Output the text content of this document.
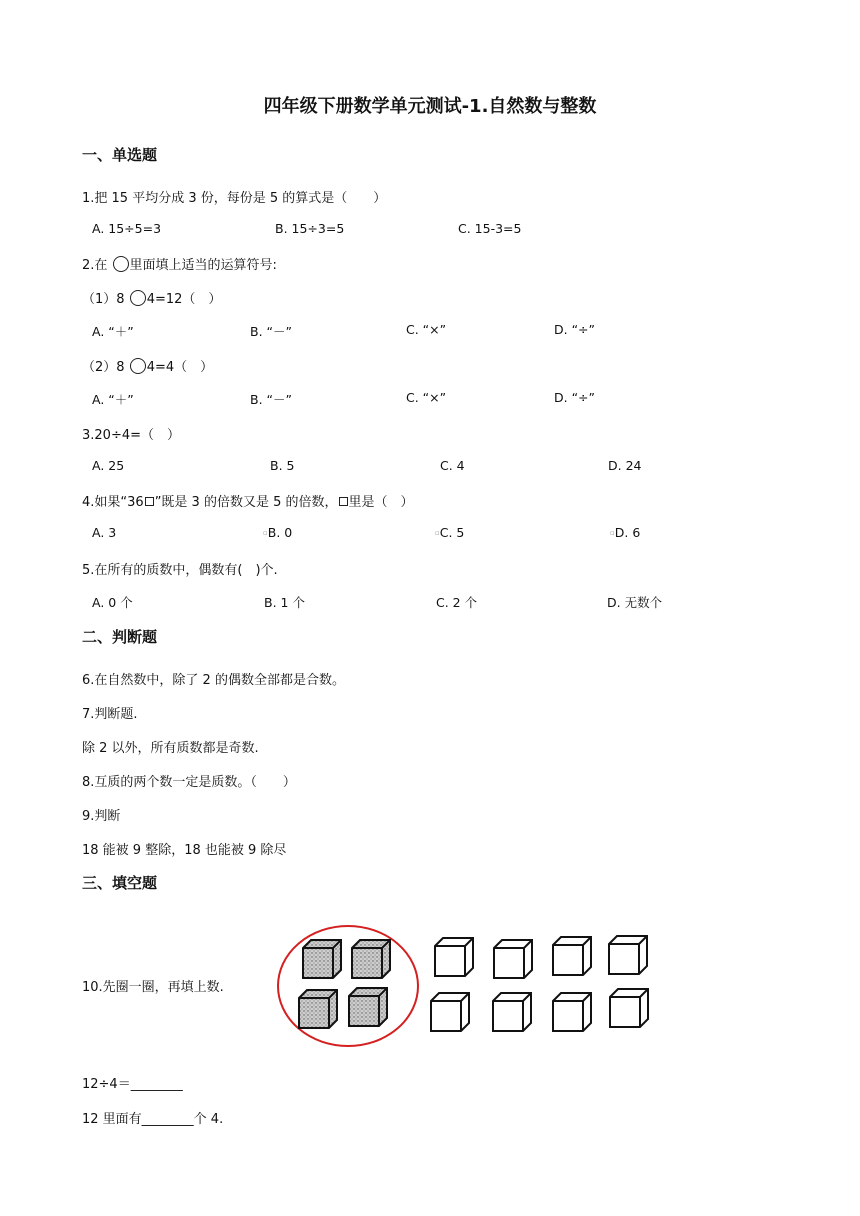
四年级下册数学单元测试-1.自然数与整数
一、单选题
1.把 15 平均分成 3 份，每份是 5 的算式是（　　）
A. 15÷5=3	B. 15÷3=5	C. 15-3=5
2.在 里面填上适当的运算符号:
（1）8 4=12（　）
A. “＋”	B. “－”	C. “×”	D. “÷”
（2）8 4=4（　）
A. “＋”	B. “－”	C. “×”	D. “÷”
3.20÷4=（　）
A. 25	B. 5	C. 4	D. 24
4.如果“36 ”既是 3 的倍数又是 5 的倍数， 里是（　）
A. 3	▫B. 0	▫C. 5	▫D. 6
5.在所有的质数中，偶数有(　)个.
A. 0 个	B. 1 个	C. 2 个	D. 无数个
二、判断题
6.在自然数中，除了 2 的偶数全部都是合数。
7.判断题.
除 2 以外，所有质数都是奇数.
8.互质的两个数一定是质数。（　　）
9.判断
18 能被 9 整除，18 也能被 9 除尽
三、填空题
10.先圈一圈，再填上数.
12÷4＝________
12 里面有________个 4.
